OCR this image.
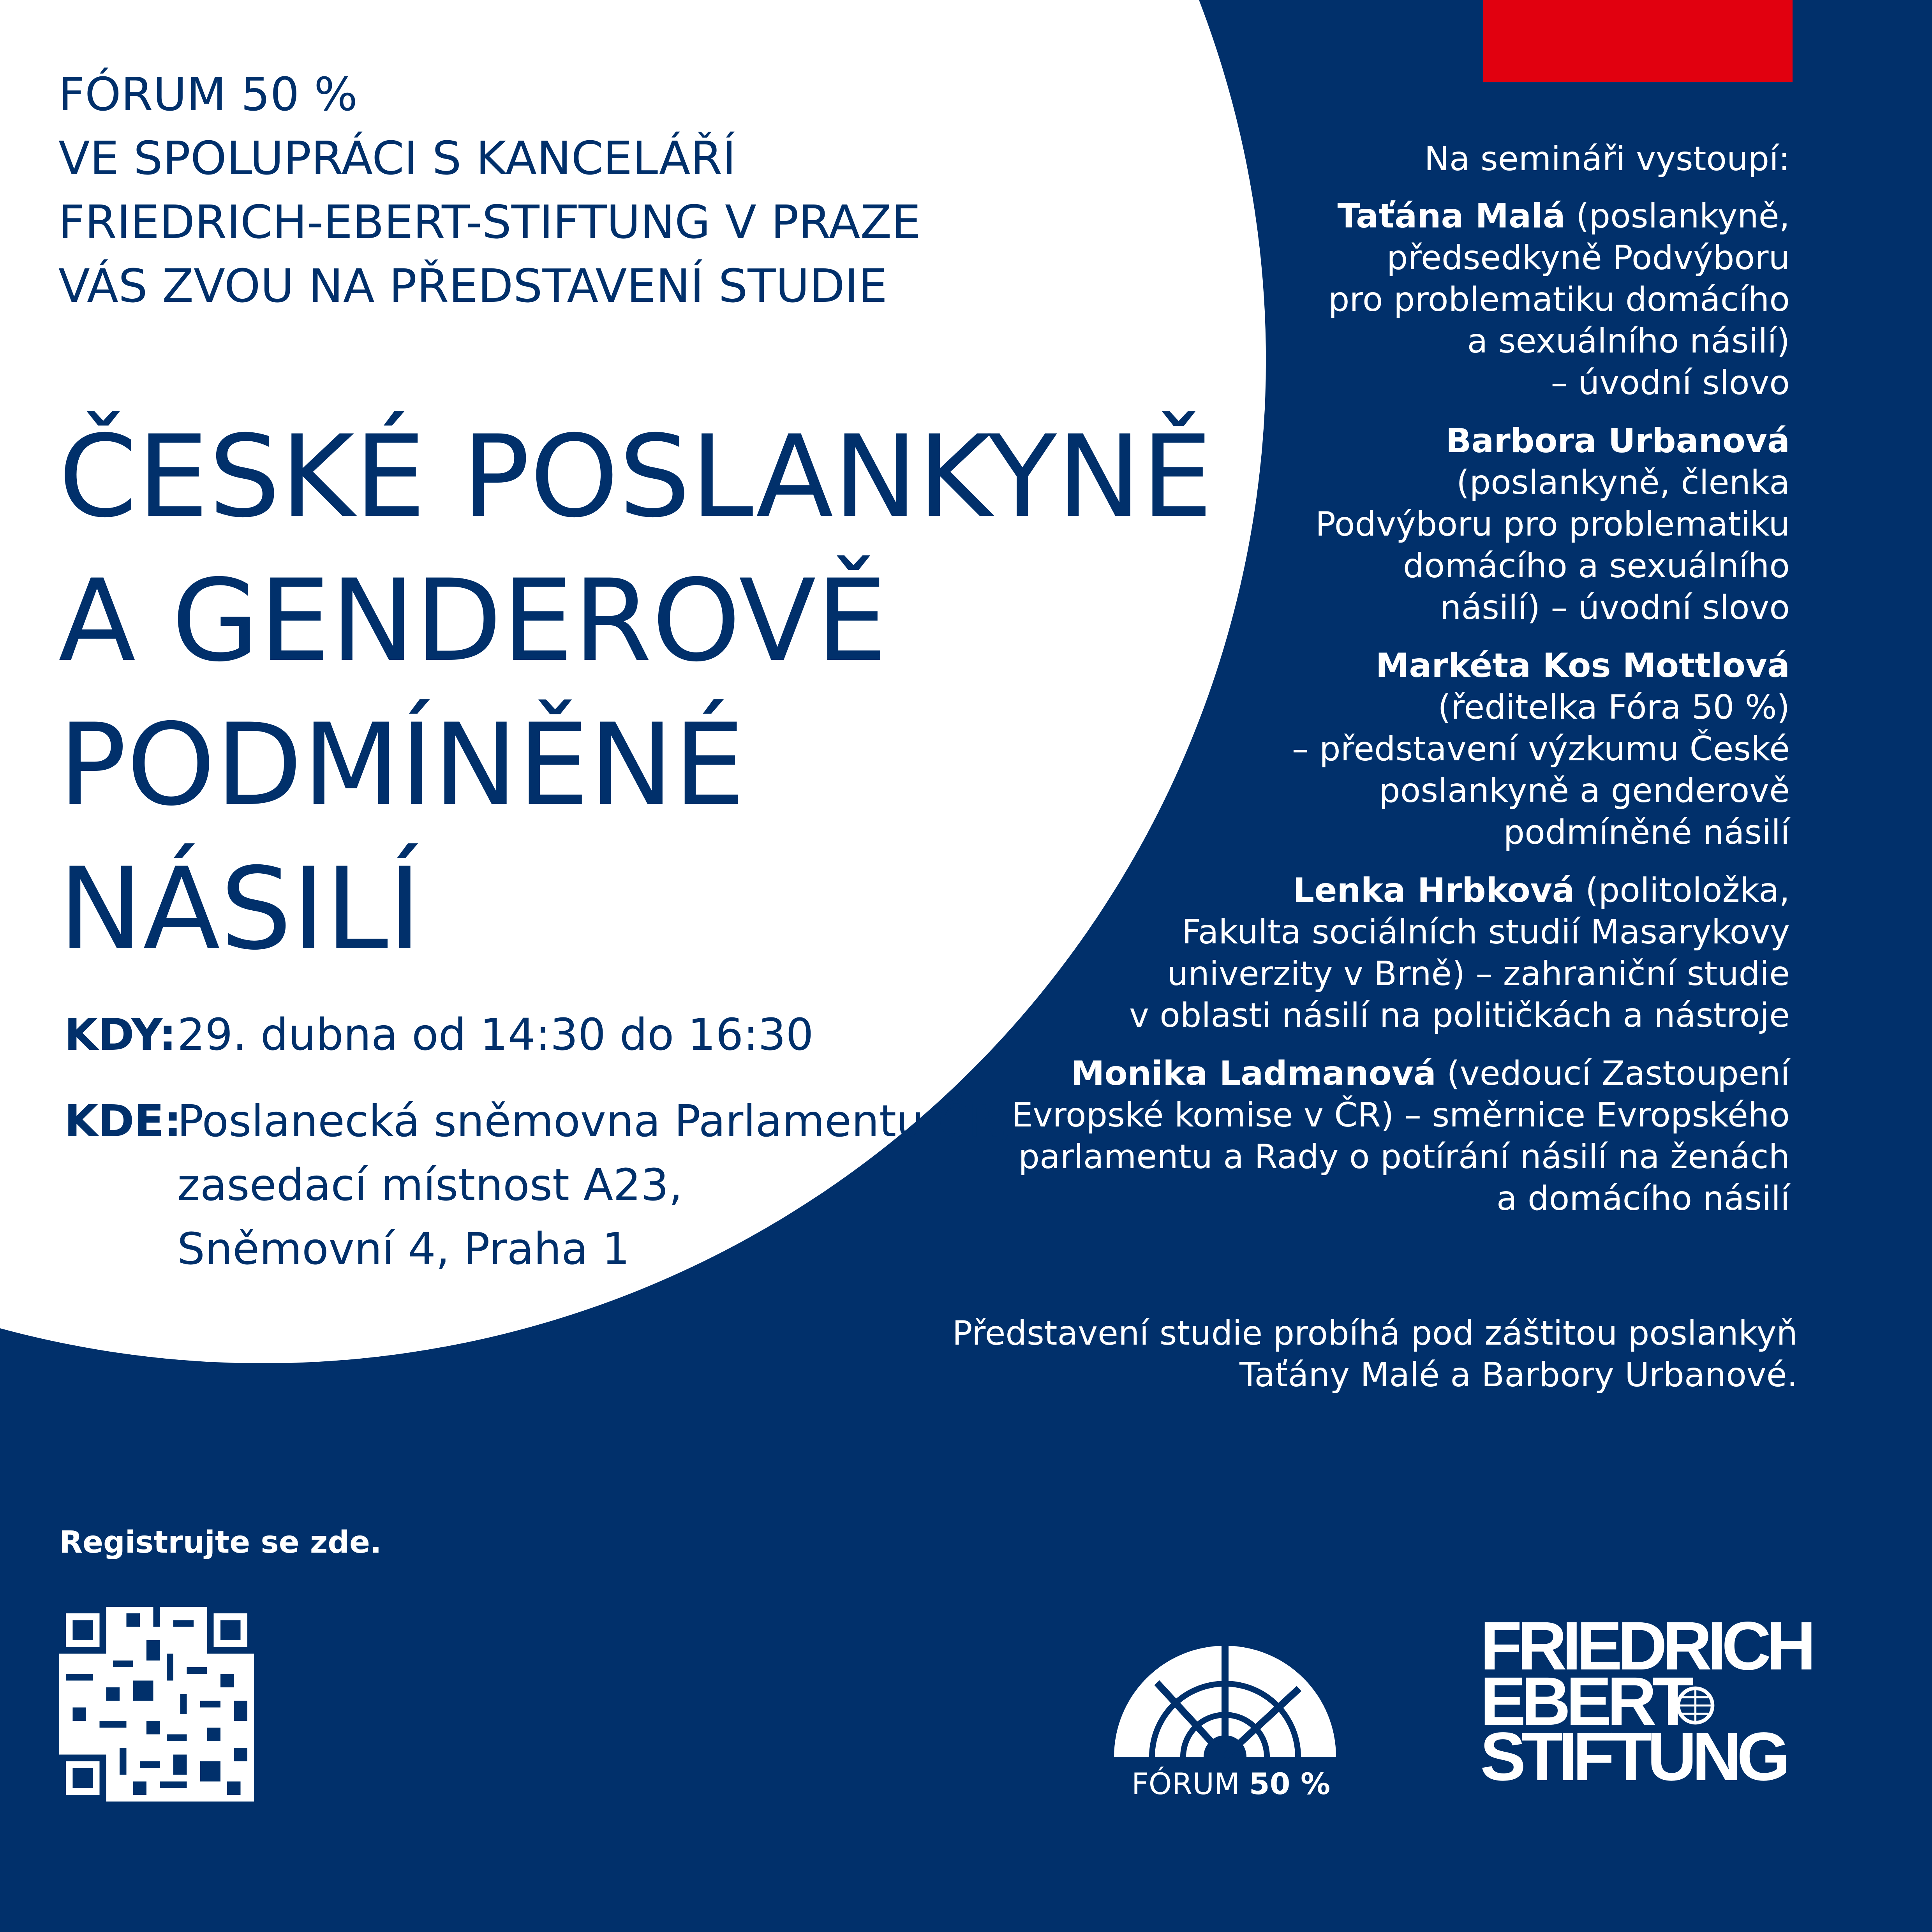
FÓRUM 50 %
VE SPOLUPRÁCI S KANCELÁŘÍ
FRIEDRICH-EBERT-STIFTUNG V PRAZE
VÁS ZVOU NA PŘEDSTAVENÍ STUDIE
ČESKÉ POSLANKYNĚ
A GENDEROVĚ
PODMÍNĚNÉ
NÁSILÍ
KDY: 29. dubna od 14:30 do 16:30
KDE:
Poslanecká sněmovna Parlamentu ČR,
zasedací místnost A23,
Sněmovní 4, Praha 1
Na semináři vystoupí:
Taťána Malá (poslankyně,
předsedkyně Podvýboru
pro problematiku domácího
a sexuálního násilí)
– úvodní slovo
Barbora Urbanová
(poslankyně, členka
Podvýboru pro problematiku
domácího a sexuálního
násilí) – úvodní slovo
Markéta Kos Mottlová
(ředitelka Fóra 50 %)
– představení výzkumu České
poslankyně a genderově
podmíněné násilí
Lenka Hrbková (politoložka,
Fakulta sociálních studií Masarykovy
univerzity v Brně) – zahraniční studie
v oblasti násilí na političkách a nástroje
Monika Ladmanová (vedoucí Zastoupení
Evropské komise v ČR) – směrnice Evropského
parlamentu a Rady o potírání násilí na ženách
a domácího násilí
Představení studie probíhá pod záštitou poslankyň
Taťány Malé a Barbory Urbanové.
Registrujte se zde.
FÓRUM 50 %
FRIEDRICH
EBERT
STIFTUNG
